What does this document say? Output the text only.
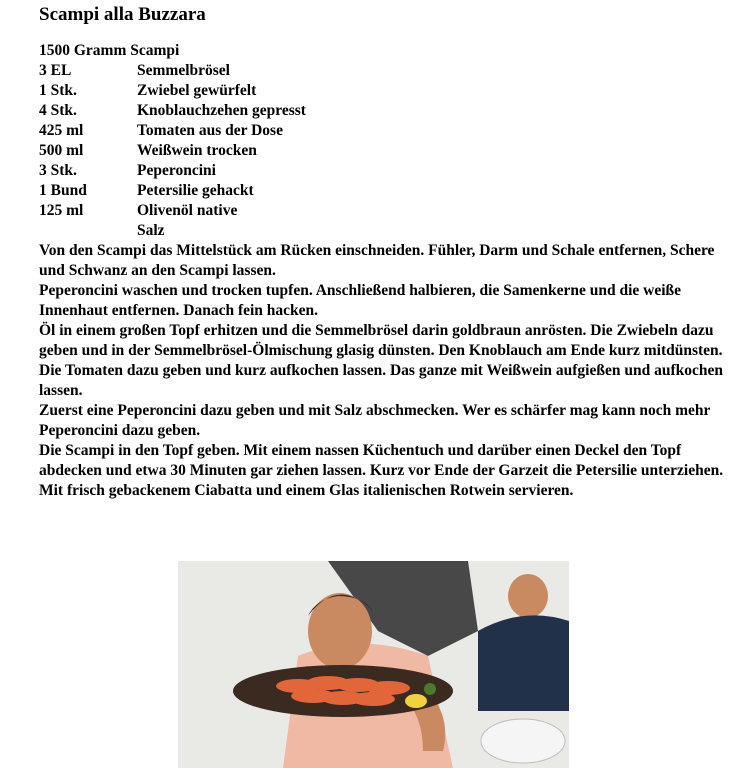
Scampi alla Buzzara
1500 Gramm Scampi
3 EL	Semmelbrösel
1 Stk.	Zwiebel gewürfelt
4 Stk.	Knoblauchzehen gepresst
425 ml	Tomaten aus der Dose
500 ml	Weißwein trocken
3 Stk.	Peperoncini
1 Bund	Petersilie gehackt
125 ml	Olivenöl native
Salz

Von den Scampi das Mittelstück am Rücken einschneiden. Fühler, Darm und Schale entfernen, Schere und Schwanz an den Scampi lassen.

Peperoncini waschen und trocken tupfen. Anschließend halbieren, die Samenkerne und die weiße Innenhaut entfernen. Danach fein hacken.

Öl in einem großen Topf erhitzen und die Semmelbrösel darin goldbraun anrösten. Die Zwiebeln dazu geben und in der Semmelbrösel-Ölmischung glasig dünsten. Den Knoblauch am Ende kurz mitdünsten.

Die Tomaten dazu geben und kurz aufkochen lassen. Das ganze mit Weißwein aufgießen und aufkochen lassen.

Zuerst eine Peperoncini dazu geben und mit Salz abschmecken. Wer es schärfer mag kann noch mehr Peperoncini dazu geben.

Die Scampi in den Topf geben. Mit einem nassen Küchentuch und darüber einen Deckel den Topf abdecken und etwa 30 Minuten gar ziehen lassen. Kurz vor Ende der Garzeit die Petersilie unterziehen.

Mit frisch gebackenem Ciabatta und einem Glas italienischen Rotwein servieren.
